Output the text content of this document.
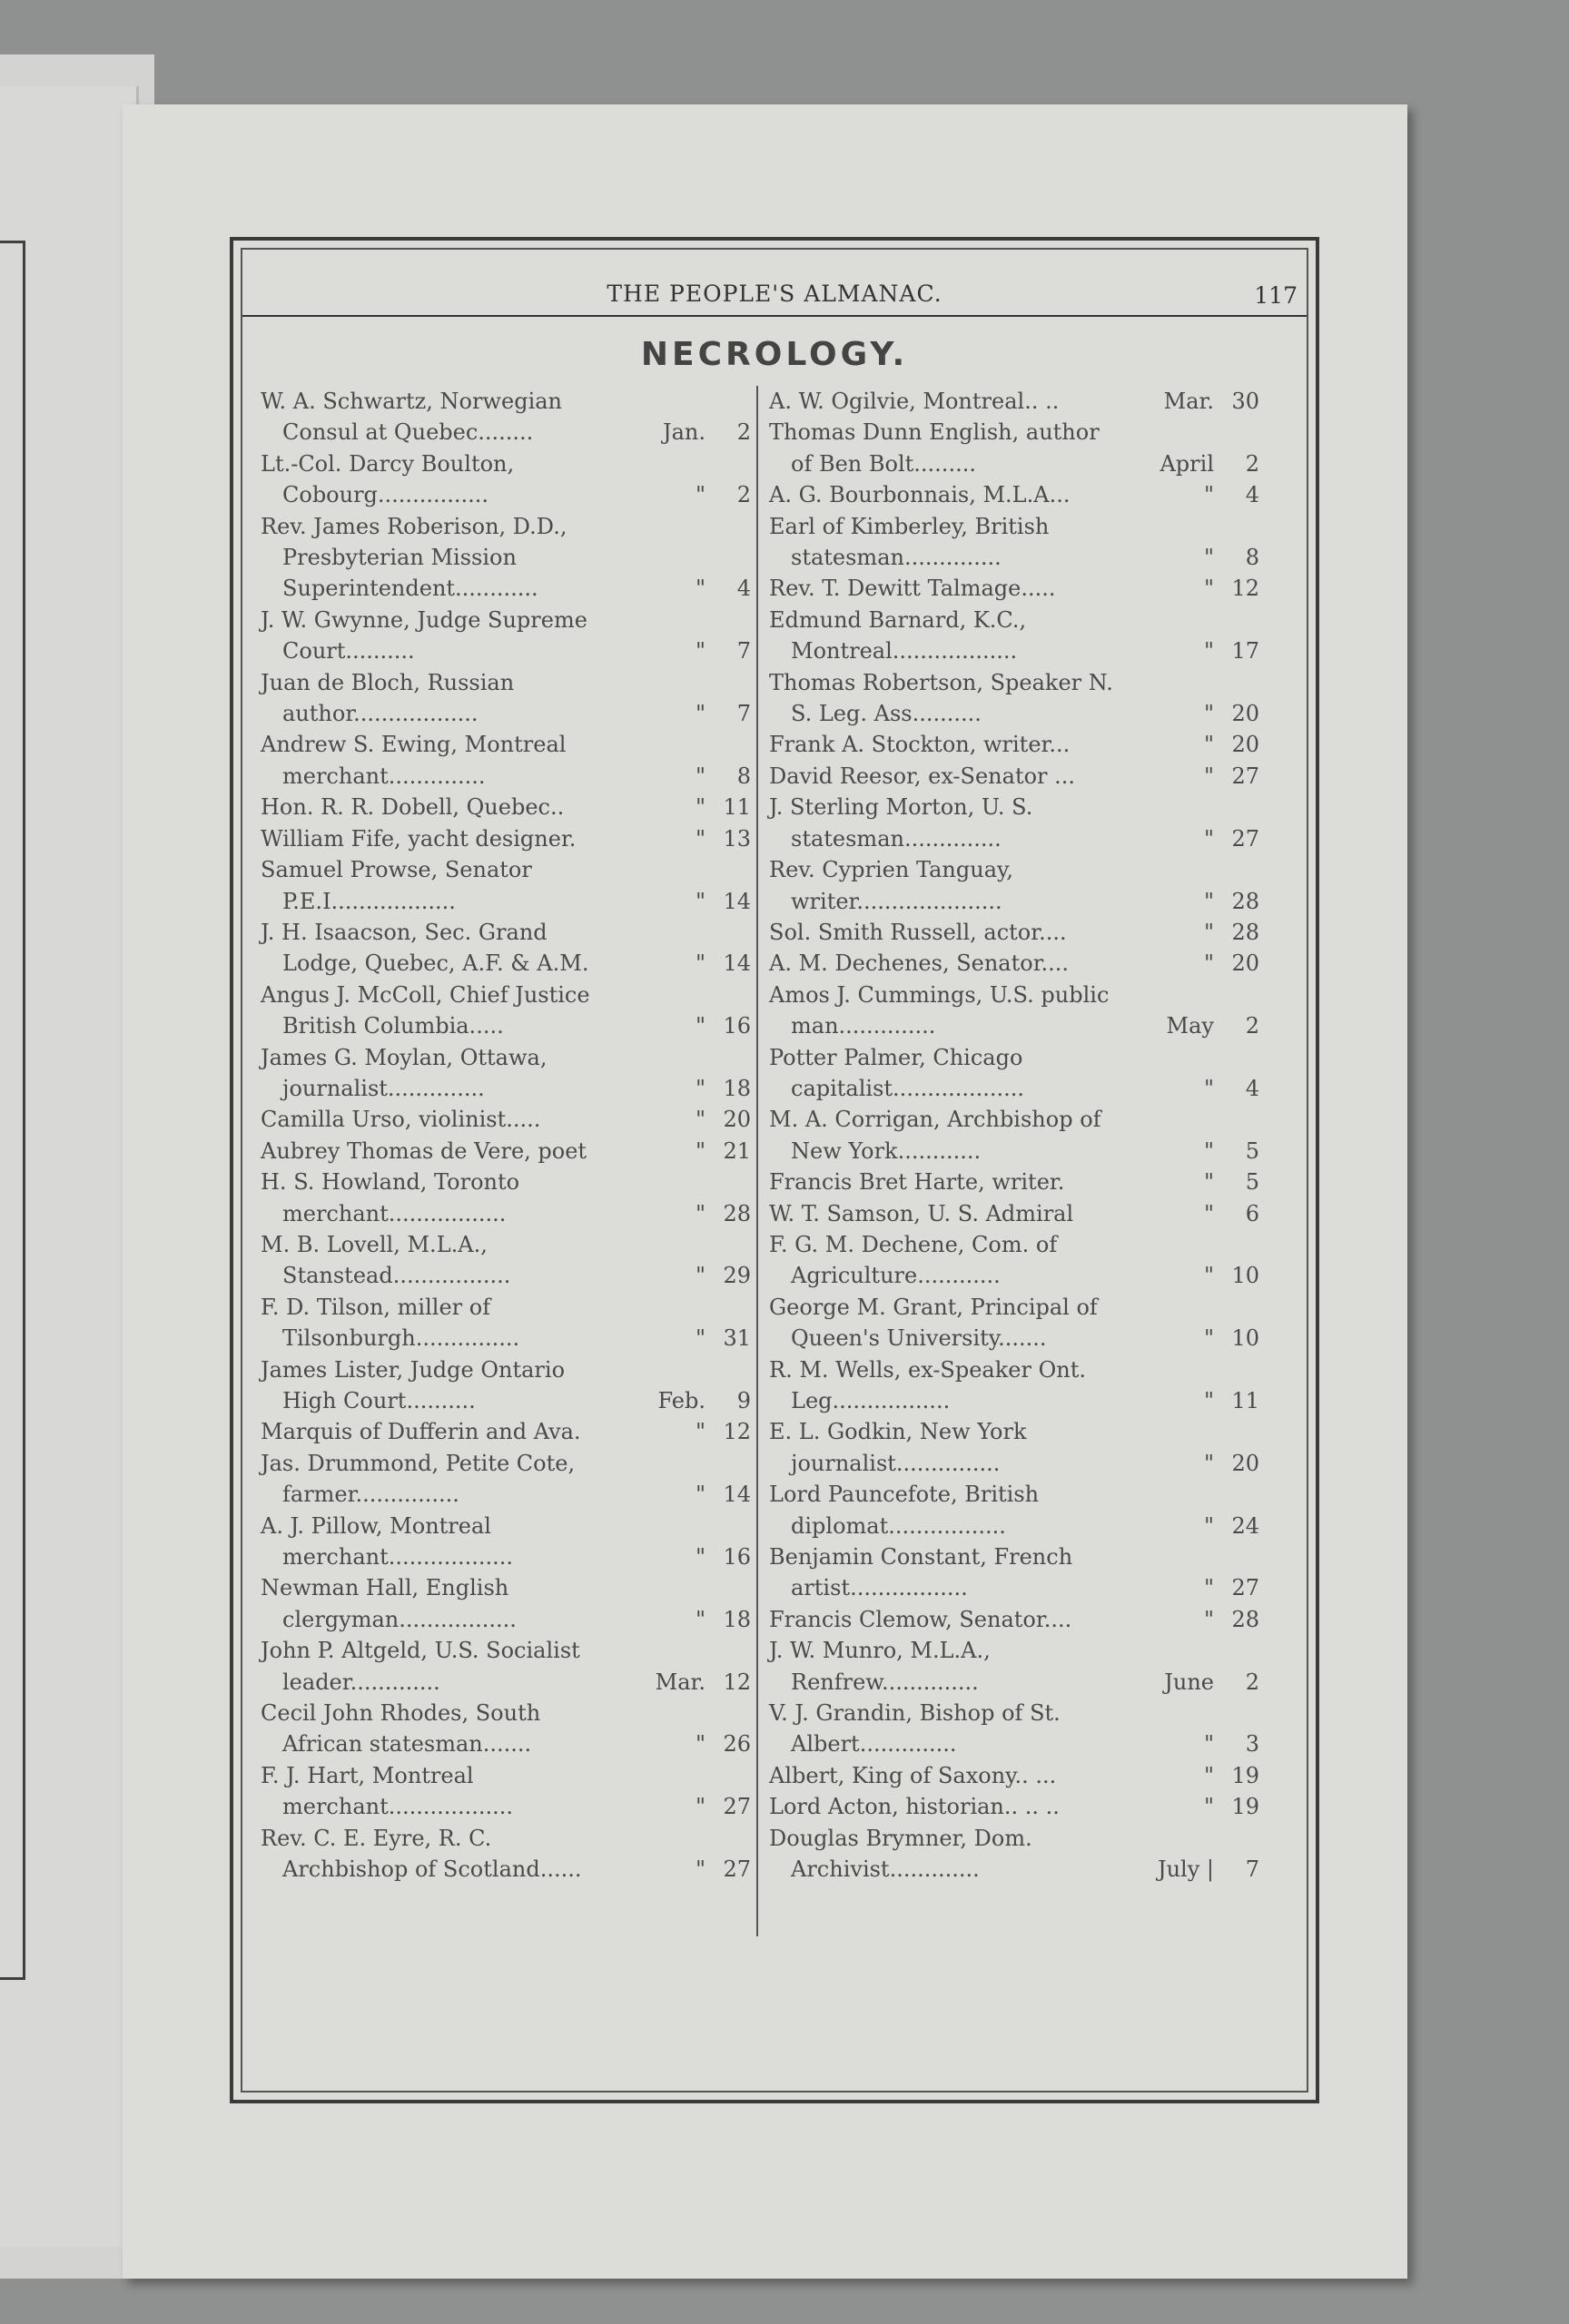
THE PEOPLE'S ALMANAC.	117
NECROLOGY.
W. A. Schwartz, Norwegian Consul at Quebec........	Jan.	2
Lt.-Col. Darcy Boulton, Cobourg................	"	2
Rev. James Roberison, D.D., Presbyterian Mission Superintendent............	"	4
J. W. Gwynne, Judge Supreme Court..........	"	7
Juan de Bloch, Russian author..................	"	7
Andrew S. Ewing, Montreal merchant..............	"	8
Hon. R. R. Dobell, Quebec..	" 11
William Fife, yacht designer.	" 13
Samuel Prowse, Senator P.E.I..................	" 14
J. H. Isaacson, Sec. Grand Lodge, Quebec, A.F. & A.M.	" 14
Angus J. McColl, Chief Justice British Columbia.....	" 16
James G. Moylan, Ottawa, journalist..............	" 18
Camilla Urso, violinist.....	" 20
Aubrey Thomas de Vere, poet	" 21
H. S. Howland, Toronto merchant.................	" 28
M. B. Lovell, M.L.A., Stanstead.................	" 29
F. D. Tilson, miller of Tilsonburgh...............	" 31
James Lister, Judge Ontario High Court..........	Feb.	9
Marquis of Dufferin and Ava.	" 12
Jas. Drummond, Petite Cote, farmer...............	" 14
A. J. Pillow, Montreal merchant..................	" 16
Newman Hall, English clergyman.................	" 18
John P. Altgeld, U.S. Socialist leader.............	Mar. 12
Cecil John Rhodes, South African statesman.......	" 26
F. J. Hart, Montreal merchant..................	" 27
Rev. C. E. Eyre, R. C. Archbishop of Scotland......	" 27
A. W. Ogilvie, Montreal.. ..	Mar. 30
Thomas Dunn English, author of Ben Bolt.........	April	2
A. G. Bourbonnais, M.L.A...	"	4
Earl of Kimberley, British statesman..............	"	8
Rev. T. Dewitt Talmage.....	" 12
Edmund Barnard, K.C., Montreal..................	" 17
Thomas Robertson, Speaker N. S. Leg. Ass..........	" 20
Frank A. Stockton, writer...	" 20
David Reesor, ex-Senator ...	" 27
J. Sterling Morton, U. S. statesman..............	" 27
Rev. Cyprien Tanguay, writer.....................	" 28
Sol. Smith Russell, actor....	" 28
A. M. Dechenes, Senator....	" 20
Amos J. Cummings, U.S. public man..............	May	2
Potter Palmer, Chicago capitalist...................	"	4
M. A. Corrigan, Archbishop of New York............	"	5
Francis Bret Harte, writer.	"	5
W. T. Samson, U. S. Admiral	"	6
F. G. M. Dechene, Com. of Agriculture............	" 10
George M. Grant, Principal of Queen's University.......	" 10
R. M. Wells, ex-Speaker Ont. Leg.................	" 11
E. L. Godkin, New York journalist...............	" 20
Lord Pauncefote, British diplomat.................	" 24
Benjamin Constant, French artist.................	" 27
Francis Clemow, Senator....	" 28
J. W. Munro, M.L.A., Renfrew..............	June	2
V. J. Grandin, Bishop of St. Albert..............	"	3
Albert, King of Saxony.. ...	" 19
Lord Acton, historian.. .. ..	" 19
Douglas Brymner, Dom. Archivist.............	July |	7
